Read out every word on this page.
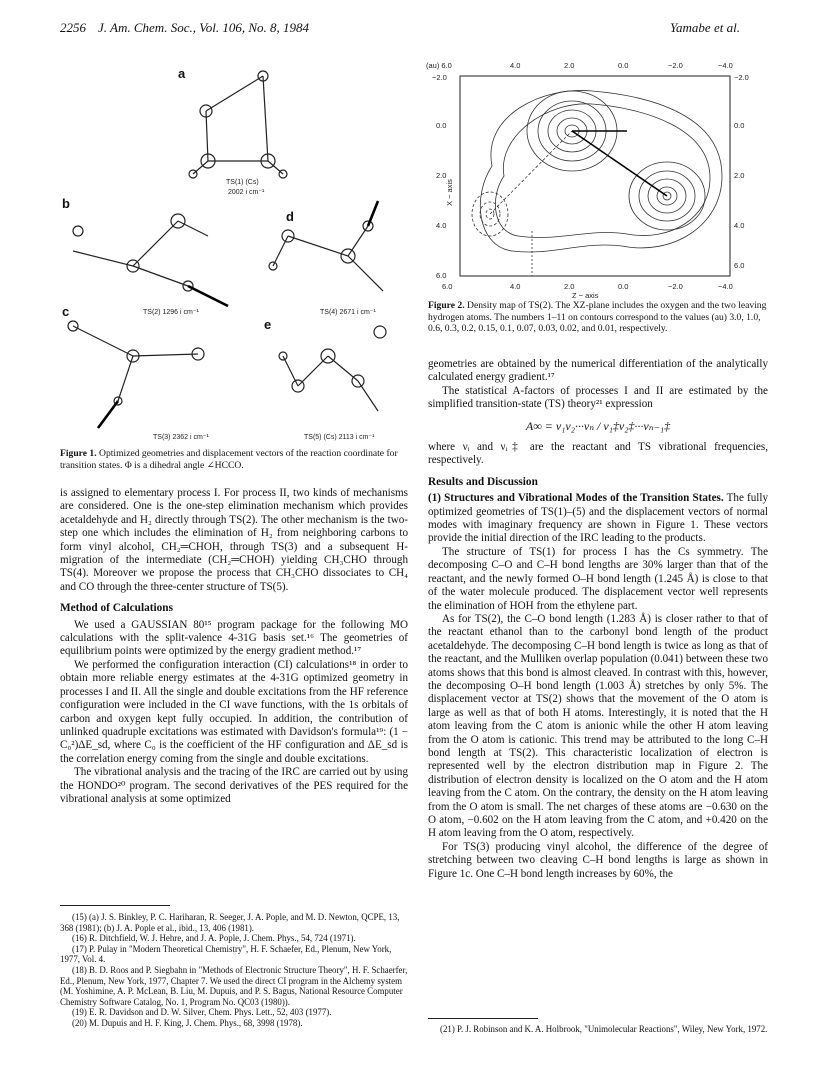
2256 J. Am. Chem. Soc., Vol. 106, No. 8, 1984	Yamabe et al.
a
b
c
d
e
TS(1) (Cs)
2002 i cm⁻¹
TS(2) 1296 i cm⁻¹	TS(4) 2671 i cm⁻¹
TS(3) 2362 i cm⁻¹	TS(5) (Cs) 2113 i cm⁻¹
Figure 1. Optimized geometries and displacement vectors of the reaction coordinate for transition states. Φ is a dihedral angle ∠HCCO.

is assigned to elementary process I. For process II, two kinds of mechanisms are considered. One is the one-step elimination mechanism which provides acetaldehyde and H₂ directly through TS(2). The other mechanism is the two-step one which includes the elimination of H₂ from neighboring carbons to form vinyl alcohol, CH₂═CHOH, through TS(3) and a subsequent H-migration of the intermediate (CH₂═CHOH) yielding CH₃CHO through TS(4). Moreover we propose the process that CH₃CHO dissociates to CH₄ and CO through the three-center structure of TS(5).

Method of Calculations

We used a GAUSSIAN 80¹⁵ program package for the following MO calculations with the split-valence 4-31G basis set.¹⁶ The geometries of equilibrium points were optimized by the energy gradient method.¹⁷

We performed the configuration interaction (CI) calculations¹⁸ in order to obtain more reliable energy estimates at the 4-31G optimized geometry in processes I and II. All the single and double excitations from the HF reference configuration were included in the CI wave functions, with the 1s orbitals of carbon and oxygen kept fully occupied. In addition, the contribution of unlinked quadruple excitations was estimated with Davidson's formula¹⁹: (1 − C₀²)ΔE_sd, where C₀ is the coefficient of the HF configuration and ΔE_sd is the correlation energy coming from the single and double excitations.

The vibrational analysis and the tracing of the IRC are carried out by using the HONDO²⁰ program. The second derivatives of the PES required for the vibrational analysis at some optimized

(15) (a) J. S. Binkley, P. C. Hariharan, R. Seeger, J. A. Pople, and M. D. Newton, QCPE, 13, 368 (1981); (b) J. A. Pople et al., ibid., 13, 406 (1981).

(16) R. Ditchfield, W. J. Hehre, and J. A. Pople, J. Chem. Phys., 54, 724 (1971).

(17) P. Pulay in "Modern Theoretical Chemistry", H. F. Schaefer, Ed., Plenum, New York, 1977, Vol. 4.

(18) B. D. Roos and P. Siegbahn in "Methods of Electronic Structure Theory", H. F. Schaerfer, Ed., Plenum, New York, 1977, Chapter 7. We used the direct CI program in the Alchemy system (M. Yoshimine, A. P. McLean, B. Liu, M. Dupuis, and P. S. Bagus, National Resource Computer Chemistry Software Catalog, No. 1, Program No. QC03 (1980)).

(19) E. R. Davidson and D. W. Silver, Chem. Phys. Lett., 52, 403 (1977).

(20) M. Dupuis and H. F. King, J. Chem. Phys., 68, 3998 (1978).

(au) 6.0	4.0	2.0	0.0	−2.0	−4.0
6.0	4.0	2.0	0.0	−2.0	−4.0
−2.0
0.0
2.0
4.0
6.0
−2.0
0.0
2.0
4.0
6.0
Z − axis
X − axis
Figure 2. Density map of TS(2). The XZ-plane includes the oxygen and the two leaving hydrogen atoms. The numbers 1–11 on contours correspond to the values (au) 3.0, 1.0, 0.6, 0.3, 0.2, 0.15, 0.1, 0.07, 0.03, 0.02, and 0.01, respectively.

geometries are obtained by the numerical differentiation of the analytically calculated energy gradient.¹⁷

The statistical A-factors of processes I and II are estimated by the simplified transition-state (TS) theory²¹ expression

A∞ = ν₁ν₂···νₙ / ν₁‡ν₂‡···νₙ₋₁‡

where νᵢ and νᵢ‡ are the reactant and TS vibrational frequencies, respectively.

Results and Discussion

(1) Structures and Vibrational Modes of the Transition States. The fully optimized geometries of TS(1)–(5) and the displacement vectors of normal modes with imaginary frequency are shown in Figure 1. These vectors provide the initial direction of the IRC leading to the products.

The structure of TS(1) for process I has the Cs symmetry. The decomposing C–O and C–H bond lengths are 30% larger than that of the reactant, and the newly formed O–H bond length (1.245 Å) is close to that of the water molecule produced. The displacement vector well represents the elimination of HOH from the ethylene part.

As for TS(2), the C–O bond length (1.283 Å) is closer rather to that of the reactant ethanol than to the carbonyl bond length of the product acetaldehyde. The decomposing C–H bond length is twice as long as that of the reactant, and the Mulliken overlap population (0.041) between these two atoms shows that this bond is almost cleaved. In contrast with this, however, the decomposing O–H bond length (1.003 Å) stretches by only 5%. The displacement vector at TS(2) shows that the movement of the O atom is large as well as that of both H atoms. Interestingly, it is noted that the H atom leaving from the C atom is anionic while the other H atom leaving from the O atom is cationic. This trend may be attributed to the long C–H bond length at TS(2). This characteristic localization of electron is represented well by the electron distribution map in Figure 2. The distribution of electron density is localized on the O atom and the H atom leaving from the C atom. On the contrary, the density on the H atom leaving from the O atom is small. The net charges of these atoms are −0.630 on the O atom, −0.602 on the H atom leaving from the C atom, and +0.420 on the H atom leaving from the O atom, respectively.

For TS(3) producing vinyl alcohol, the difference of the degree of stretching between two cleaving C–H bond lengths is large as shown in Figure 1c. One C–H bond length increases by 60%, the

(21) P. J. Robinson and K. A. Holbrook, "Unimolecular Reactions", Wiley, New York, 1972.
